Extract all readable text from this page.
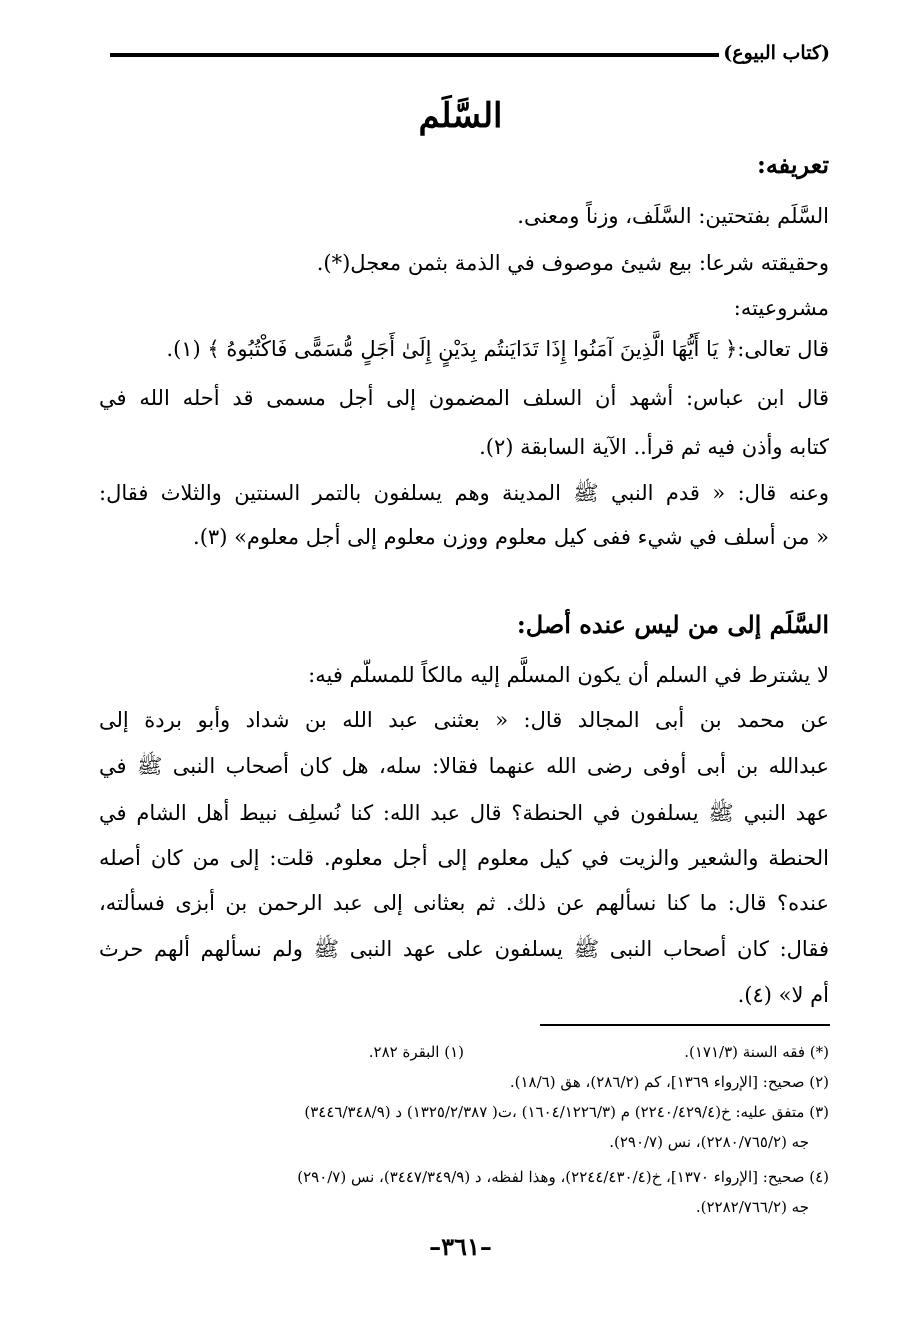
(كتاب البيوع)
السَّلَم
تعريفه:
السَّلَم بفتحتين: السَّلَف، وزناً ومعنى.
وحقيقته شرعا: بيع شيئ موصوف في الذمة بثمن معجل(*).
مشروعيته:
قال تعالى:﴿ يَا أَيُّهَا الَّذِينَ آمَنُوا إِذَا تَدَايَنتُم بِدَيْنٍ إِلَىٰ أَجَلٍ مُّسَمًّى فَاكْتُبُوهُ ﴾ (١).
قال ابن عباس: أشهد أن السلف المضمون إلى أجل مسمى قد أحله الله في
كتابه وأذن فيه ثم قرأ.. الآية السابقة (٢).
وعنه قال: « قدم النبي ﷺ المدينة وهم يسلفون بالتمر السنتين والثلاث فقال:
« من أسلف في شيء ففى كيل معلوم ووزن معلوم إلى أجل معلوم» (٣).
السَّلَم إلى من ليس عنده أصل:
لا يشترط في السلم أن يكون المسلَّم إليه مالكاً للمسلّم فيه:
عن محمد بن أبى المجالد قال: « بعثنى عبد الله بن شداد وأبو بردة إلى
عبدالله بن أبى أوفى رضى الله عنهما فقالا: سله، هل كان أصحاب النبى ﷺ في
عهد النبي ﷺ يسلفون في الحنطة؟ قال عبد الله: كنا نُسلِف نبيط أهل الشام في
الحنطة والشعير والزيت في كيل معلوم إلى أجل معلوم. قلت: إلى من كان أصله
عنده؟ قال: ما كنا نسألهم عن ذلك. ثم بعثانى إلى عبد الرحمن بن أبزى فسألته،
فقال: كان أصحاب النبى ﷺ يسلفون على عهد النبى ﷺ ولم نسألهم ألهم حرث
أم لا» (٤).
(*) فقه السنة (١٧١/٣).
(١) البقرة ٢٨٢.
(٢) صحيح: [الإرواء ١٣٦٩]، كم (٢٨٦/٢)، هق (١٨/٦).
(٣) متفق عليه: خ(٢٢٤٠/٤٢٩/٤) م (١٦٠٤/١٢٢٦/٣) ،ت( ١٣٢٥/٢/٣٨٧) د (٣٤٤٦/٣٤٨/٩)
جه (٢٢٨٠/٧٦٥/٢)، نس (٢٩٠/٧).
(٤) صحيح: [الإرواء ١٣٧٠]، خ(٢٢٤٤/٤٣٠/٤)، وهذا لفظه، د (٣٤٤٧/٣٤٩/٩)، نس (٢٩٠/٧)
جه (٢٢٨٢/٧٦٦/٢).
–٣٦١–
